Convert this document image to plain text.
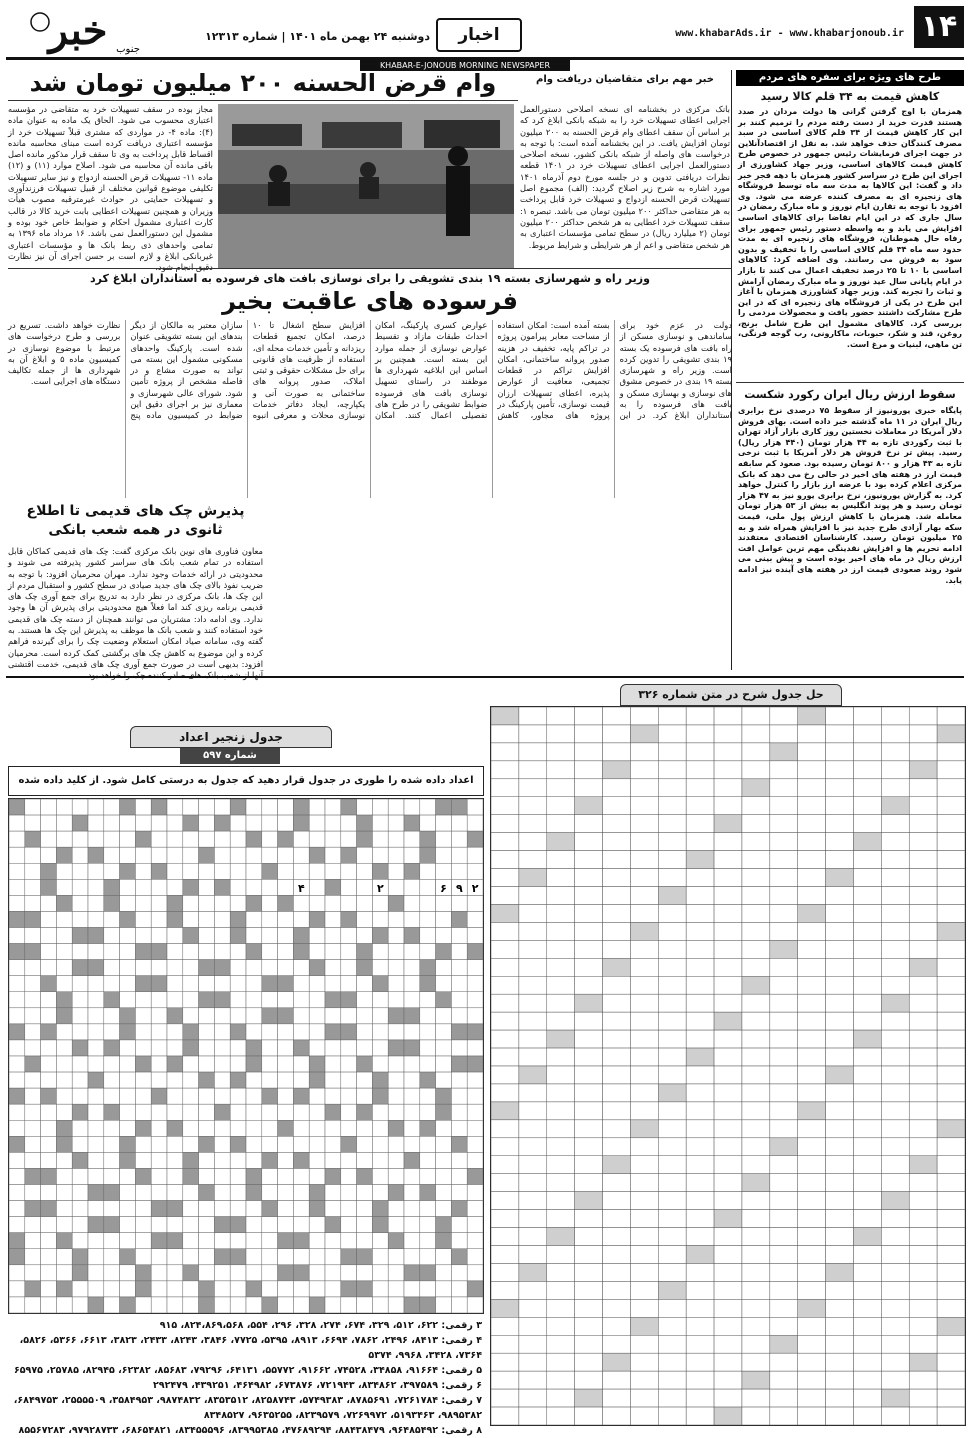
۱۴
www.khabarAds.ir - www.khabarjonoub.ir
اخبار
دوشنبه ۲۴ بهمن ماه ۱۴۰۱ | شماره ۱۲۳۱۳
خبر جنوب
KHABAR-E-JONOUB MORNING NEWSPAPER
طرح های ویژه برای سفره های مردم
کاهش قیمت به ۳۴ قلم کالا رسید
همزمان با اوج گرفتن گرانی ها دولت مردان در صدد هستند قدرت خرید از دست رفته مردم را ترمیم کنند بر این کار کاهش قیمت از ۳۴ قلم کالای اساسی در سبد مصرف کنندگان حذف خواهد شد. به نقل از اقتصادآنلاین در جهت اجرای فرمایشات رئیس جمهور در خصوص طرح کاهش قیمت کالاهای اساسی، وزیر جهاد کشاورزی از اجرای این طرح در سراسر کشور همزمان با دهه فجر خبر داد و گفت: این کالاها به مدت سه ماه توسط فروشگاه های زنجیره ای به مصرف کننده عرضه می شود. وی افزود با توجه به تقارن ایام نوروز و ماه مبارک رمضان در سال جاری که در این ایام تقاضا برای کالاهای اساسی افزایش می یابد و به واسطه دستور رئیس جمهور برای رفاه حال هموطنان، فروشگاه های زنجیره ای به مدت حدود سه ماه ۳۴ قلم کالای اساسی را با تخفیف و بدون سود به فروش می رسانند. وی اضافه کرد: کالاهای اساسی با ۱۰ تا ۲۵ درصد تخفیف اعمال می کنند تا بازار در ایام پایانی سال عید نوروز و ماه مبارک رمضان آرامش و ثبات را تجربه کند. وزیر جهاد کشاورزی همزمان با آغاز این طرح در یکی از فروشگاه های زنجیره ای که در این طرح مشارکت داشتند حضور یافت و محصولات مردمی را بررسی کرد. کالاهای مشمول این طرح شامل برنج، روغن، قند و شکر، حبوبات، ماکارونی، رب گوجه فرنگی، تن ماهی، لبنیات و مرغ است.
سقوط ارزش ریال ایران رکورد شکست
پایگاه خبری یورونیوز از سقوط ۷۵ درصدی نرخ برابری ریال ایران در ۱۱ ماه گذشته خبر داده است. بهای فروش دلار آمریکا در معاملات نخستین روز کاری بازار آزاد تهران با ثبت رکوردی تازه به ۴۴ هزار تومان (۴۴۰ هزار ریال) رسید. پیش تر نرخ فروش هر دلار آمریکا با ثبت نرخی تازه به ۴۳ هزار و ۸۰۰ تومان رسیده بود. صعود کم سابقه قیمت ارز در هفته های اخیر در حالی رخ می دهد که بانک مرکزی اعلام کرده بود با عرضه ارز بازار را کنترل خواهد کرد. به گزارش یورونیوز، نرخ برابری یورو نیز به ۴۷ هزار تومان رسید و هر پوند انگلیس به بیش از ۵۳ هزار تومان معامله شد. همزمان با کاهش ارزش پول ملی، قیمت سکه بهار آزادی طرح جدید نیز با افزایش همراه شد و به ۲۵ میلیون تومان رسید. کارشناسان اقتصادی معتقدند ادامه تحریم ها و افزایش نقدینگی مهم ترین عوامل افت ارزش ریال در ماه های اخیر بوده است و پیش بینی می شود روند صعودی قیمت ارز در هفته های آینده نیز ادامه یابد.
خبر مهم برای متقاضیان دریافت وام
وام قرض الحسنه ۲۰۰ میلیون تومان شد
بانک مرکزی در بخشنامه ای نسخه اصلاحی دستورالعمل اجرایی اعطای تسهیلات خرد را به شبکه بانکی ابلاغ کرد که بر اساس آن سقف اعطای وام قرض الحسنه به ۲۰۰ میلیون تومان افزایش یافت. در این بخشنامه آمده است: با توجه به درخواست های واصله از شبکه بانکی کشور، نسخه اصلاحی دستورالعمل اجرایی اعطای تسهیلات خرد در ۱۴۰۱ قطعه نظرات دریافتی تدوین و در جلسه مورخ دوم آذرماه ۱۴۰۱ مورد اشاره به شرح زیر اصلاح گردید: (الف) مجموع اصل تسهیلات قرض الحسنه ازدواج و تسهیلات خرد قابل پرداخت به هر متقاضی حداکثر ۲۰۰ میلیون تومان می باشد. تبصره ۱: سقف تسهیلات خرد اعطایی به هر شخص حداکثر ۲۰۰ میلیون تومان (۲ میلیارد ریال) در سطح تمامی مؤسسات اعتباری به هر شخص متقاضی و اعم از هر شرایطی و شرایط مربوط.
مجاز بوده در سقف تسهیلات خرد به متقاضی در مؤسسه اعتباری محسوب می شود. الحاق یک ماده به عنوان ماده (۴): ماده ۴- در مواردی که مشتری قبلاً تسهیلات خرد از مؤسسه اعتباری دریافت کرده است مبنای محاسبه مانده اقساط قابل پرداخت به وی تا سقف قرار مذکور مانده اصل باقی مانده آن محاسبه می شود. اصلاح موارد (۱۱) و (۱۲) ماده ۱۱- تسهیلات قرض الحسنه ازدواج و نیز سایر تسهیلات تکلیفی موضوع قوانین مختلف از قبیل تسهیلات فرزندآوری و تسهیلات حمایتی در حوادث غیرمترقبه مصوب هیأت وزیران و همچنین تسهیلات اعطایی بابت خرید کالا در قالب کارت اعتباری مشمول احکام و ضوابط خاص خود بوده و مشمول این دستورالعمل نمی باشد. ۱۶ مرداد ماه ۱۳۹۶ به تمامی واحدهای ذی ربط بانک ها و مؤسسات اعتباری غیربانکی ابلاغ و لازم است بر حسن اجرای آن نیز نظارت دقیق انجام شود.
وزیر راه و شهرسازی بسته ۱۹ بندی تشویقی را برای نوسازی بافت های فرسوده به استانداران ابلاغ کرد
فرسوده های عاقبت بخیر
دولت در عزم خود برای ساماندهی و نوسازی مسکن از راه بافت های فرسوده یک بسته ۱۹ بندی تشویقی را تدوین کرده است. وزیر راه و شهرسازی بسته ۱۹ بندی در خصوص مشوق های نوسازی و بهسازی مسکن و بافت های فرسوده را به استانداران ابلاغ کرد. در این بسته آمده است: امکان استفاده از مساحت معابر پیرامون پروژه در تراکم پایه، تخفیف در هزینه صدور پروانه ساختمانی، امکان افزایش تراکم در قطعات تجمیعی، معافیت از عوارض پذیره، اعطای تسهیلات ارزان قیمت نوسازی، تأمین پارکینگ در پروژه های مجاور، کاهش عوارض کسری پارکینگ، امکان احداث طبقات مازاد و تقسیط عوارض نوسازی از جمله موارد این بسته است. همچنین بر اساس این ابلاغیه شهرداری ها موظفند در راستای تسهیل نوسازی بافت های فرسوده ضوابط تشویقی را در طرح های تفصیلی اعمال کنند. امکان افزایش سطح اشغال تا ۱۰ درصد، امکان تجمیع قطعات ریزدانه و تأمین خدمات محله ای، استفاده از ظرفیت های قانونی برای حل مشکلات حقوقی و ثبتی املاک، صدور پروانه های ساختمانی به صورت آنی و یکپارچه، ایجاد دفاتر خدمات نوسازی محلات و معرفی انبوه سازان معتبر به مالکان از دیگر بندهای این بسته تشویقی عنوان شده است. پارکینگ واحدهای مسکونی مشمول این بسته می تواند به صورت مشاع و در فاصله مشخص از پروژه تأمین شود. شورای عالی شهرسازی و معماری نیز بر اجرای دقیق این ضوابط در کمیسیون ماده پنج نظارت خواهد داشت. تسریع در بررسی و طرح درخواست های مرتبط با موضوع نوسازی در کمیسیون ماده ۵ و ابلاغ آن به شهرداری ها از جمله تکالیف دستگاه های اجرایی است.
پذیرش چک های قدیمی تا اطلاع ثانوی در همه شعب بانکی
معاون فناوری های نوین بانک مرکزی گفت: چک های قدیمی کماکان قابل استفاده در تمام شعب بانک های سراسر کشور پذیرفته می شوند و محدودیتی در ارائه خدمات وجود ندارد. مهران محرمیان افزود: با توجه به ضریب نفوذ بالای چک های جدید صیادی در سطح کشور و استقبال مردم از این چک ها، بانک مرکزی در نظر دارد به تدریج برای جمع آوری چک های قدیمی برنامه ریزی کند اما فعلاً هیچ محدودیتی برای پذیرش آن ها وجود ندارد. وی ادامه داد: مشتریان می توانند همچنان از دسته چک های قدیمی خود استفاده کنند و شعب بانک ها موظف به پذیرش این چک ها هستند. به گفته وی، سامانه صیاد امکان استعلام وضعیت چک را برای گیرنده فراهم کرده و این موضوع به کاهش چک های برگشتی کمک کرده است. محرمیان افزود: بدیهی است در صورت جمع آوری چک های قدیمی، خدمت اقتشنی
حل جدول شرح در متن شماره ۳۲۶
جدول زنجیر اعداد
شماره ۵۹۷
اعداد داده شده را طوری در جدول قرار دهید که جدول به درستی کامل شود. از کلید داده شده
۲
۹
۶
۲
۴
۳ رقمی: ۶۲۲، ۵۱۲، ۳۲۹، ۶۷۴، ۲۷۴، ۳۲۸، ۲۹۶، ۵۵۴، ۸۲۴،۸۶۹،۵۶۸، ۹۱۵
۴ رقمی: ۸۴۱۳، ۲۴۹۶، ۷۸۶۲، ۶۶۹۴، ۸۹۱۳، ۵۳۹۵، ۷۷۲۵، ۳۸۴۶، ۸۲۴۳، ۲۴۳۳، ۳۸۲۳، ۶۶۱۳، ۵۳۶۶، ۵۸۲۶، ۷۳۶۴، ۳۴۲۸، ۹۹۶۸، ۵۳۷۴
۵ رقمی: ۹۱۶۶۴، ۳۴۸۵۸، ۷۴۵۲۸، ۹۱۶۶۲، ۵۵۷۷۲، ۶۴۱۳۱، ۷۹۲۹۶، ۸۵۶۸۳، ۶۲۳۸۲، ۸۲۹۴۵، ۲۵۷۸۵، ۶۵۹۷۵
۶ رقمی: ۳۹۷۵۸۹، ۸۳۴۸۶۲، ۷۲۱۹۴۳، ۶۷۳۸۷۶، ۴۶۴۹۸۲، ۴۳۹۲۵۱، ۲۹۲۴۷۹
۷ رقمی: ۷۲۶۱۷۸۴، ۸۷۸۵۶۹۱، ۵۷۴۹۳۸۳، ۸۲۵۸۷۴۳، ۸۳۵۳۵۱۲، ۹۸۷۴۸۳۲، ۳۵۸۴۹۵۳، ۲۵۵۵۵۰۹، ۶۸۴۹۷۵۳، ۹۸۹۵۳۸۲، ۵۱۹۳۴۶۳، ۷۲۶۹۹۷۲، ۸۲۳۹۵۷۹، ۹۶۳۵۲۵۵، ۸۳۴۸۵۲۷
۸ رقمی: ۹۶۴۸۵۴۹۲، ۸۸۴۳۸۴۷۹، ۴۷۶۸۹۲۹۴، ۸۳۹۹۵۳۸۵، ۸۳۴۵۵۵۹۶، ۶۸۶۵۴۸۲۱، ۹۷۹۲۸۷۳۳، ۸۵۵۶۷۲۸۳
